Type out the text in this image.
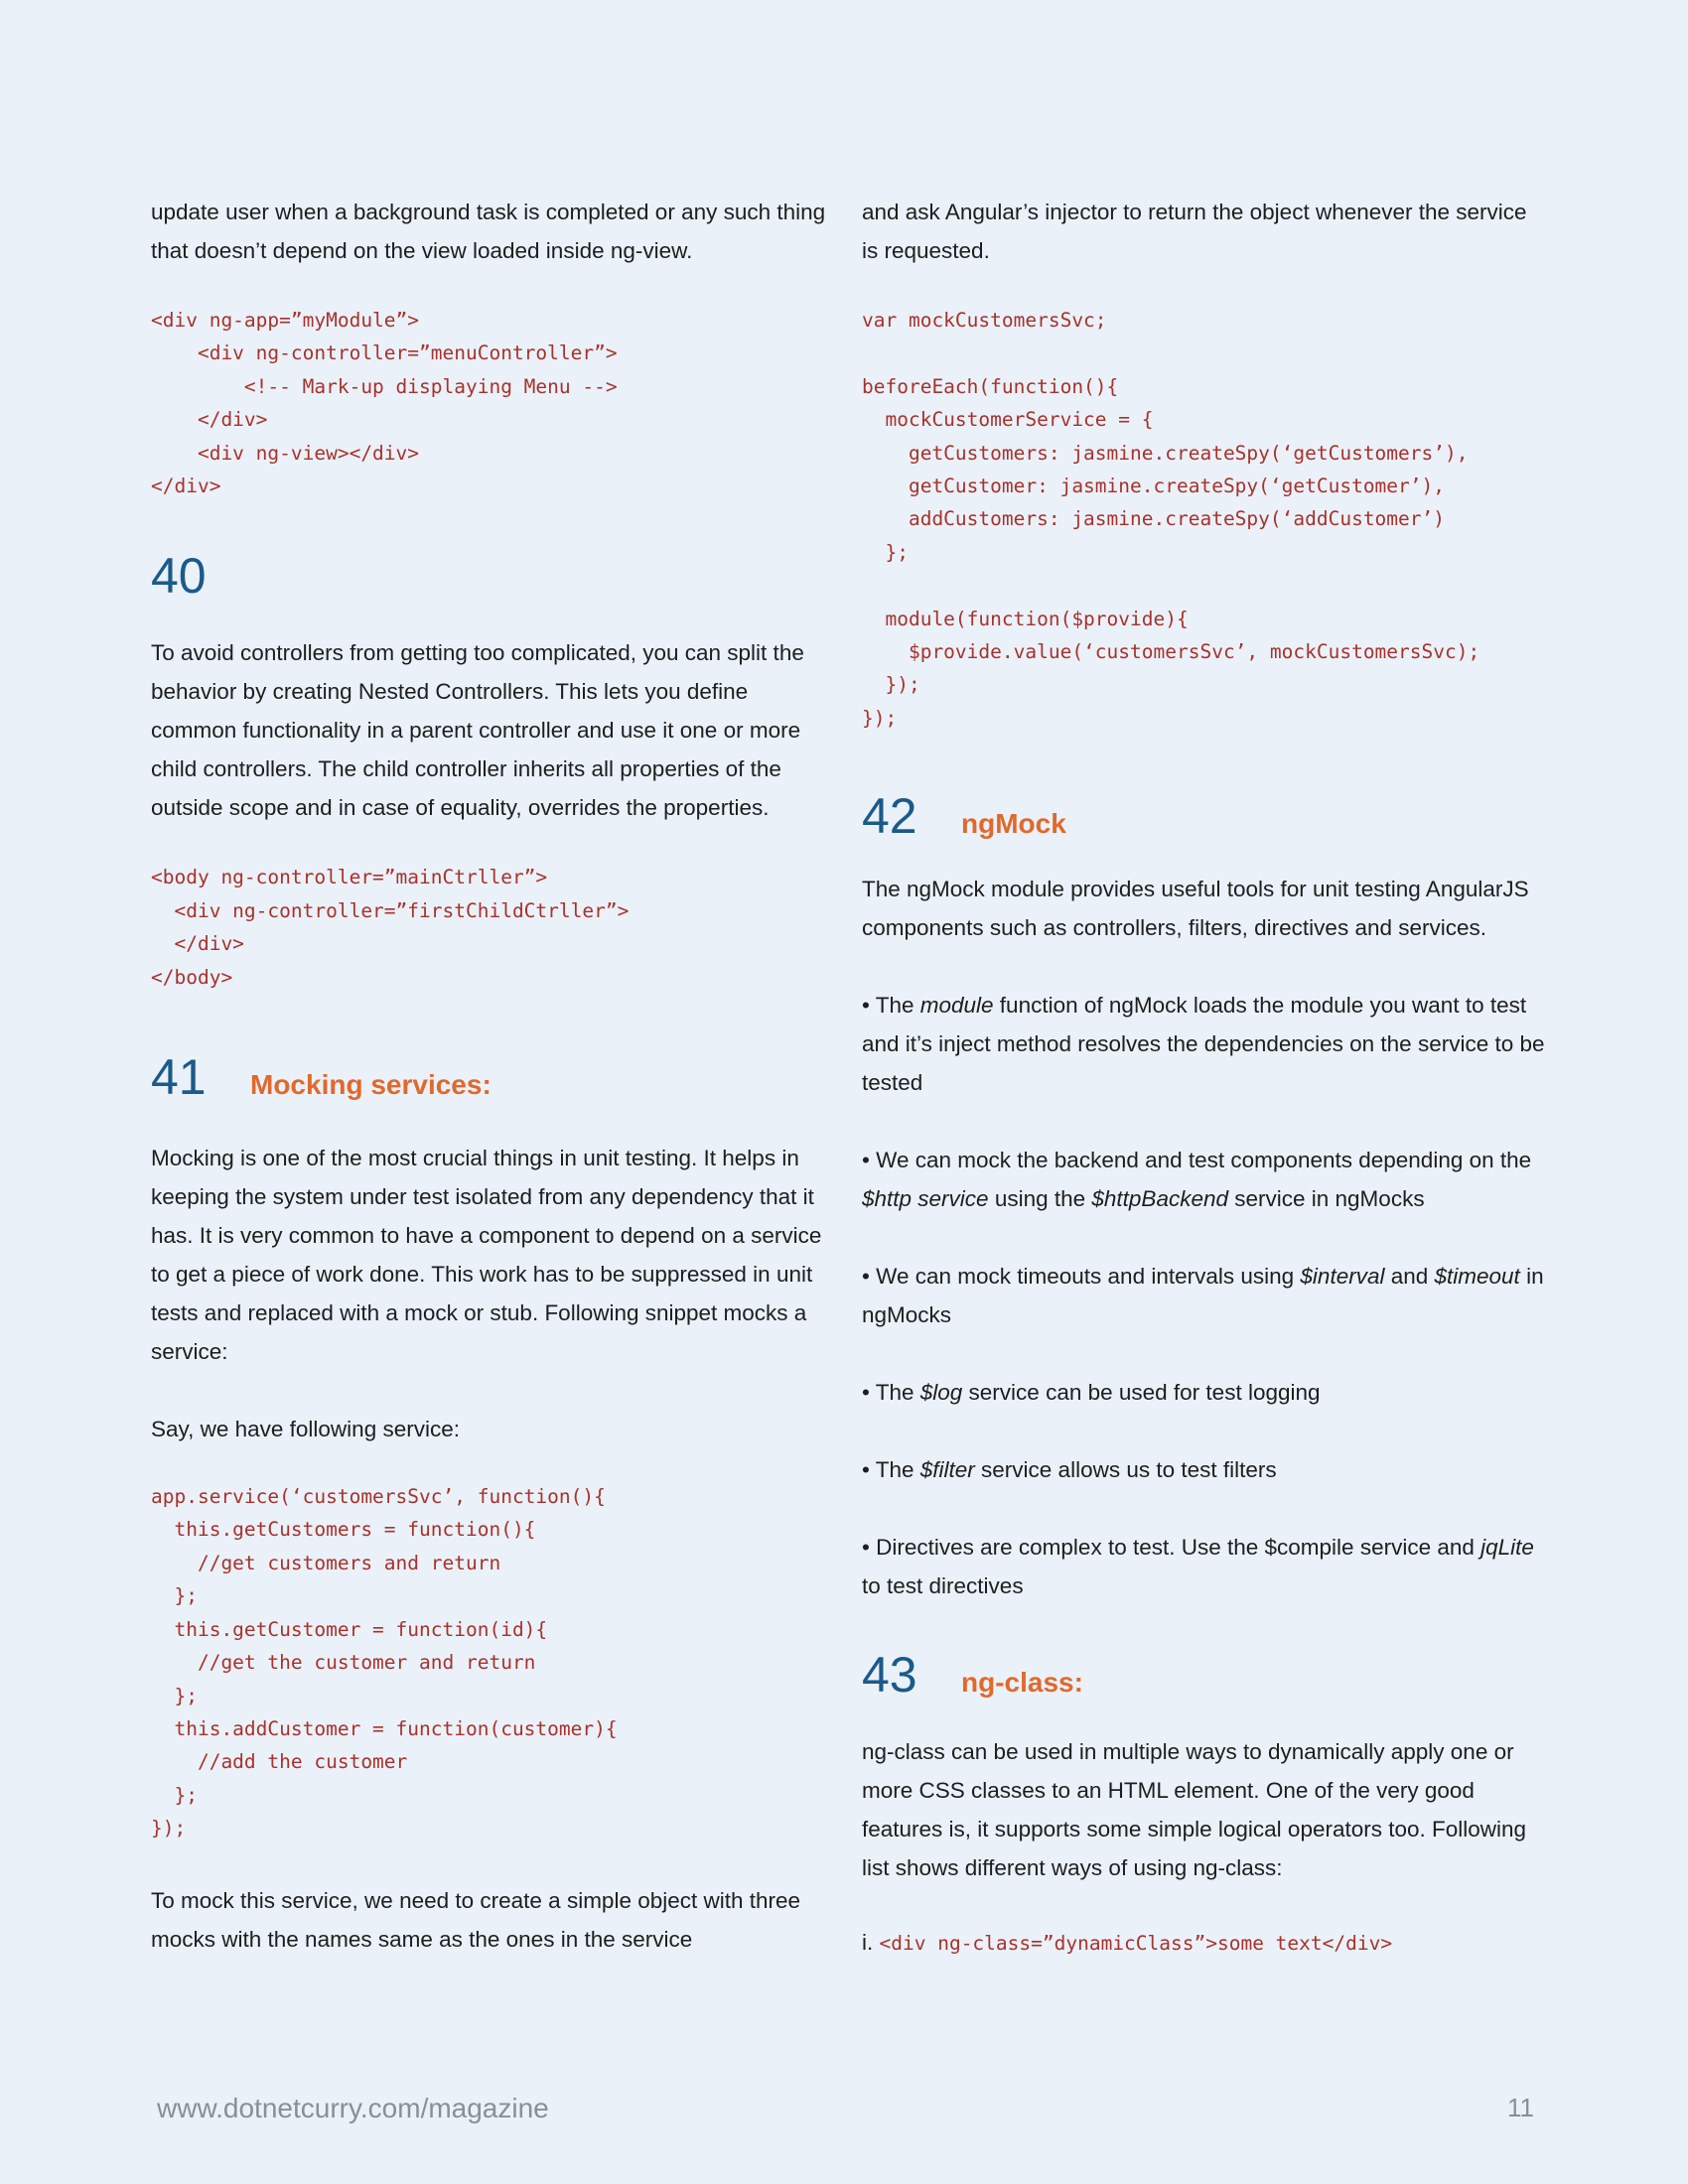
update user when a background task is completed or any such thing that doesn’t depend on the view loaded inside ng-view.

<div ng-app=”myModule”>
<div ng-controller=”menuController”>
<!-- Mark-up displaying Menu -->
</div>
<div ng-view></div>
</div>
40

To avoid controllers from getting too complicated, you can split the behavior by creating Nested Controllers. This lets you define common functionality in a parent controller and use it one or more child controllers. The child controller inherits all properties of the outside scope and in case of equality, overrides the properties.

<body ng-controller=”mainCtrller”>
<div ng-controller=”firstChildCtrller”>
</div>
</body>
41	Mocking services:

Mocking is one of the most crucial things in unit testing. It helps in keeping the system under test isolated from any dependency that it has. It is very common to have a component to depend on a service to get a piece of work done. This work has to be suppressed in unit tests and replaced with a mock or stub. Following snippet mocks a service:

Say, we have following service:

app.service(‘customersSvc’, function(){
this.getCustomers = function(){
//get customers and return
};
this.getCustomer = function(id){
//get the customer and return
};
this.addCustomer = function(customer){
//add the customer
};
});

To mock this service, we need to create a simple object with three mocks with the names same as the ones in the service

and ask Angular’s injector to return the object whenever the service is requested.

var mockCustomersSvc;

beforeEach(function(){
mockCustomerService = {
getCustomers: jasmine.createSpy(‘getCustomers’),
getCustomer: jasmine.createSpy(‘getCustomer’),
addCustomers: jasmine.createSpy(‘addCustomer’)
};

module(function($provide){
$provide.value(‘customersSvc’, mockCustomersSvc);
});
});
42	ngMock

The ngMock module provides useful tools for unit testing AngularJS components such as controllers, filters, directives and services.

• The module function of ngMock loads the module you want to test and it’s inject method resolves the dependencies on the service to be tested

• We can mock the backend and test components depending on the $http service using the $httpBackend service in ngMocks

• We can mock timeouts and intervals using $interval and $timeout in ngMocks

• The $log service can be used for test logging

• The $filter service allows us to test filters

• Directives are complex to test. Use the $compile service and jqLite to test directives

43	ng-class:

ng-class can be used in multiple ways to dynamically apply one or more CSS classes to an HTML element. One of the very good features is, it supports some simple logical operators too. Following list shows different ways of using ng-class:

i. <div ng-class=”dynamicClass”>some text</div>

www.dotnetcurry.com/magazine	11
